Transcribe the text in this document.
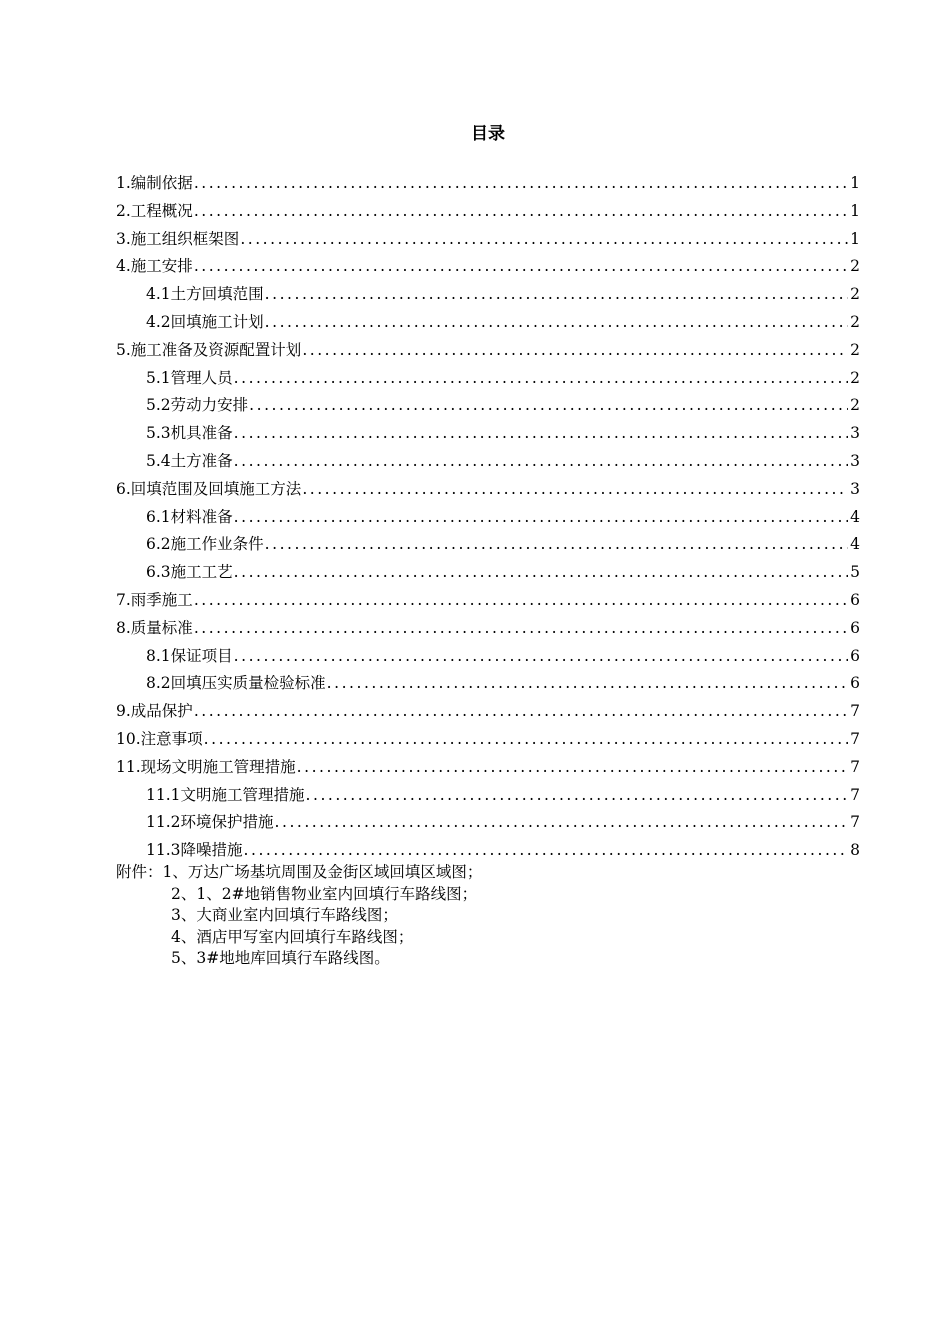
目录
1. 编制依据 . . .	1
2. 工程概况 . . .	1
3. 施工组织框架图 . . .	1
4. 施工安排 . . .	2
4.1 土方回填范围 . . .	2
4.2 回填施工计划 . . .	2
5. 施工准备及资源配置计划 . . .	2
5.1 管理人员 . . .	2
5.2 劳动力安排 . . .	2
5.3 机具准备 . . .	3
5.4 土方准备 . . .	3
6. 回填范围及回填施工方法 . . .	3
6.1 材料准备 . . .	4
6.2 施工作业条件 . . .	4
6.3 施工工艺 . . .	5
7. 雨季施工 . . .	6
8. 质量标准 . . .	6
8.1 保证项目 . . .	6
8.2 回填压实质量检验标准 . . .	6
9. 成品保护 . . .	7
10. 注意事项 . . .	7
11. 现场文明施工管理措施 . . .	7
11.1 文明施工管理措施 . . .	7
11.2 环境保护措施 . . .	7
11.3 降噪措施 . . .	8
附件：1、万达广场基坑周围及金街区域回填区域图；
2、1、2#地销售物业室内回填行车路线图；
3、大商业室内回填行车路线图；
4、酒店甲写室内回填行车路线图；
5、3#地地库回填行车路线图。
